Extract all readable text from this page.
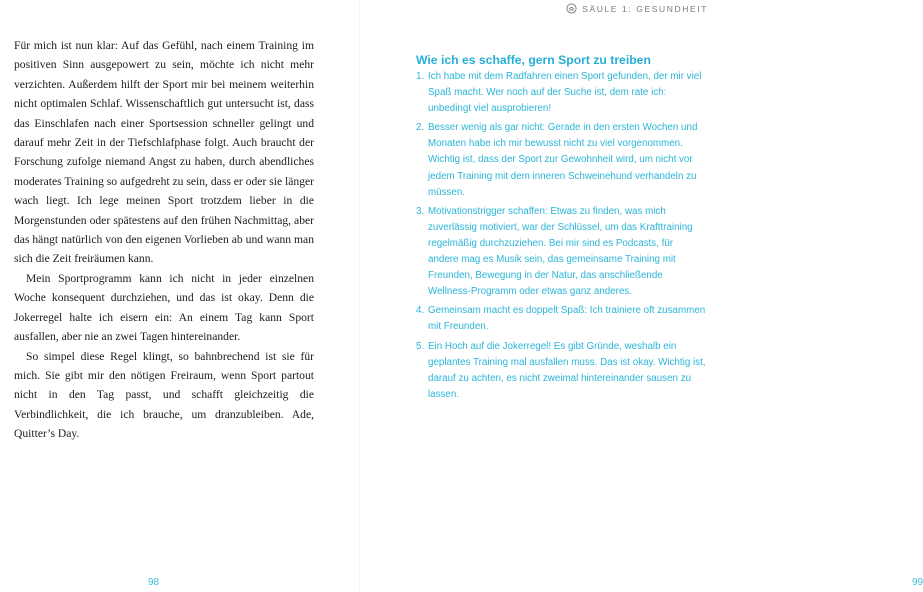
Für mich ist nun klar: Auf das Gefühl, nach einem Training im positiven Sinn ausgepowert zu sein, möchte ich nicht mehr verzichten. Außerdem hilft der Sport mir bei meinem weiterhin nicht optimalen Schlaf. Wissenschaftlich gut untersucht ist, dass das Einschlafen nach einer Sportsession schneller gelingt und darauf mehr Zeit in der Tiefschlafphase folgt. Auch braucht der Forschung zufolge niemand Angst zu haben, durch abendliches moderates Training so aufgedreht zu sein, dass er oder sie länger wach liegt. Ich lege meinen Sport trotzdem lieber in die Morgenstunden oder spätestens auf den frühen Nachmittag, aber das hängt natürlich von den eigenen Vorlieben ab und wann man sich die Zeit freiräumen kann.

Mein Sportprogramm kann ich nicht in jeder einzelnen Woche konsequent durchziehen, und das ist okay. Denn die Jokerregel halte ich eisern ein: An einem Tag kann Sport ausfallen, aber nie an zwei Tagen hintereinander.

So simpel diese Regel klingt, so bahnbrechend ist sie für mich. Sie gibt mir den nötigen Freiraum, wenn Sport partout nicht in den Tag passt, und schafft gleichzeitig die Verbindlichkeit, die ich brauche, um dranzubleiben. Ade, Quitter’s Day.

98
SÄULE 1: GESUNDHEIT
Wie ich es schaffe, gern Sport zu treiben
1. Ich habe mit dem Radfahren einen Sport gefunden, der mir viel Spaß macht. Wer noch auf der Suche ist, dem rate ich: unbedingt viel ausprobieren!
2. Besser wenig als gar nicht: Gerade in den ersten Wochen und Monaten habe ich mir bewusst nicht zu viel vorgenommen. Wichtig ist, dass der Sport zur Gewohnheit wird, um nicht vor jedem Training mit dem inneren Schweinehund verhandeln zu müssen.
3. Motivationstrigger schaffen: Etwas zu finden, was mich zuverlässig motiviert, war der Schlüssel, um das Krafttraining regelmäßig durchzuziehen. Bei mir sind es Podcasts, für andere mag es Musik sein, das gemeinsame Training mit Freunden, Bewegung in der Natur, das anschließende Wellness-Programm oder etwas ganz anderes.
4. Gemeinsam macht es doppelt Spaß: Ich trainiere oft zusammen mit Freunden.
5. Ein Hoch auf die Jokerregel! Es gibt Gründe, weshalb ein geplantes Training mal ausfallen muss. Das ist okay. Wichtig ist, darauf zu achten, es nicht zweimal hintereinander sausen zu lassen.
99
